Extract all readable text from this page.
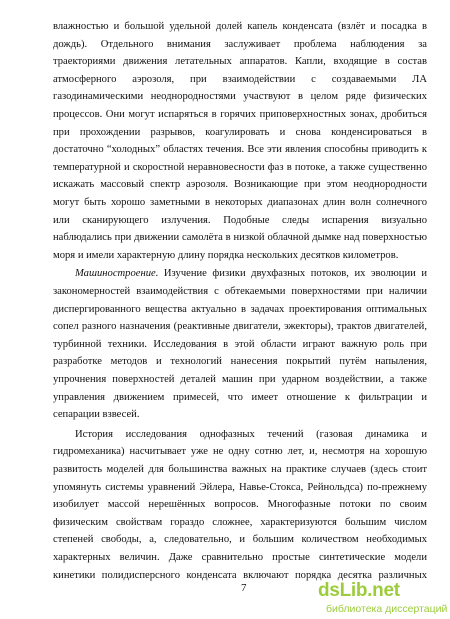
влажностью и большой удельной долей капель конденсата (взлёт и посадка в
дождь). Отдельного внимания заслуживает проблема наблюдения за
траекториями движения летательных аппаратов. Капли, входящие в состав
атмосферного аэрозоля, при взаимодействии с создаваемыми ЛА
газодинамическими неоднородностями участвуют в целом ряде физических
процессов. Они могут испаряться в горячих приповерхностных зонах, дробиться
при прохождении разрывов, коагулировать и снова конденсироваться в
достаточно “холодных” областях течения. Все эти явления способны приводить к
температурной и скоростной неравновесности фаз в потоке, а также существенно
искажать массовый спектр аэрозоля. Возникающие при этом неоднородности
могут быть хорошо заметными в некоторых диапазонах длин волн солнечного
или сканирующего излучения. Подобные следы испарения визуально
наблюдались при движении самолёта в низкой облачной дымке над поверхностью
моря и имели характерную длину порядка нескольких десятков километров.
Машиностроение. Изучение физики двухфазных потоков, их эволюции и
закономерностей взаимодействия с обтекаемыми поверхностями при наличии
диспергированного вещества актуально в задачах проектирования оптимальных
сопел разного назначения (реактивные двигатели, эжекторы), трактов двигателей,
турбинной техники. Исследования в этой области играют важную роль при
разработке методов и технологий нанесения покрытий путём напыления,
упрочнения поверхностей деталей машин при ударном воздействии, а также
управления движением примесей, что имеет отношение к фильтрации и
сепарации взвесей.
История исследования однофазных течений (газовая динамика и
гидромеханика) насчитывает уже не одну сотню лет, и, несмотря на хорошую
развитость моделей для большинства важных на практике случаев (здесь стоит
упомянуть системы уравнений Эйлера, Навье-Стокса, Рейнольдса) по-прежнему
изобилует массой нерешённых вопросов. Многофазные потоки по своим
физическим свойствам гораздо сложнее, характеризуются большим числом
степеней свободы, а, следовательно, и большим количеством необходимых
характерных величин. Даже сравнительно простые синтетические модели
кинетики полидисперсного конденсата включают порядка десятка различных
7	dsLib.net
библиотека диссертаций
